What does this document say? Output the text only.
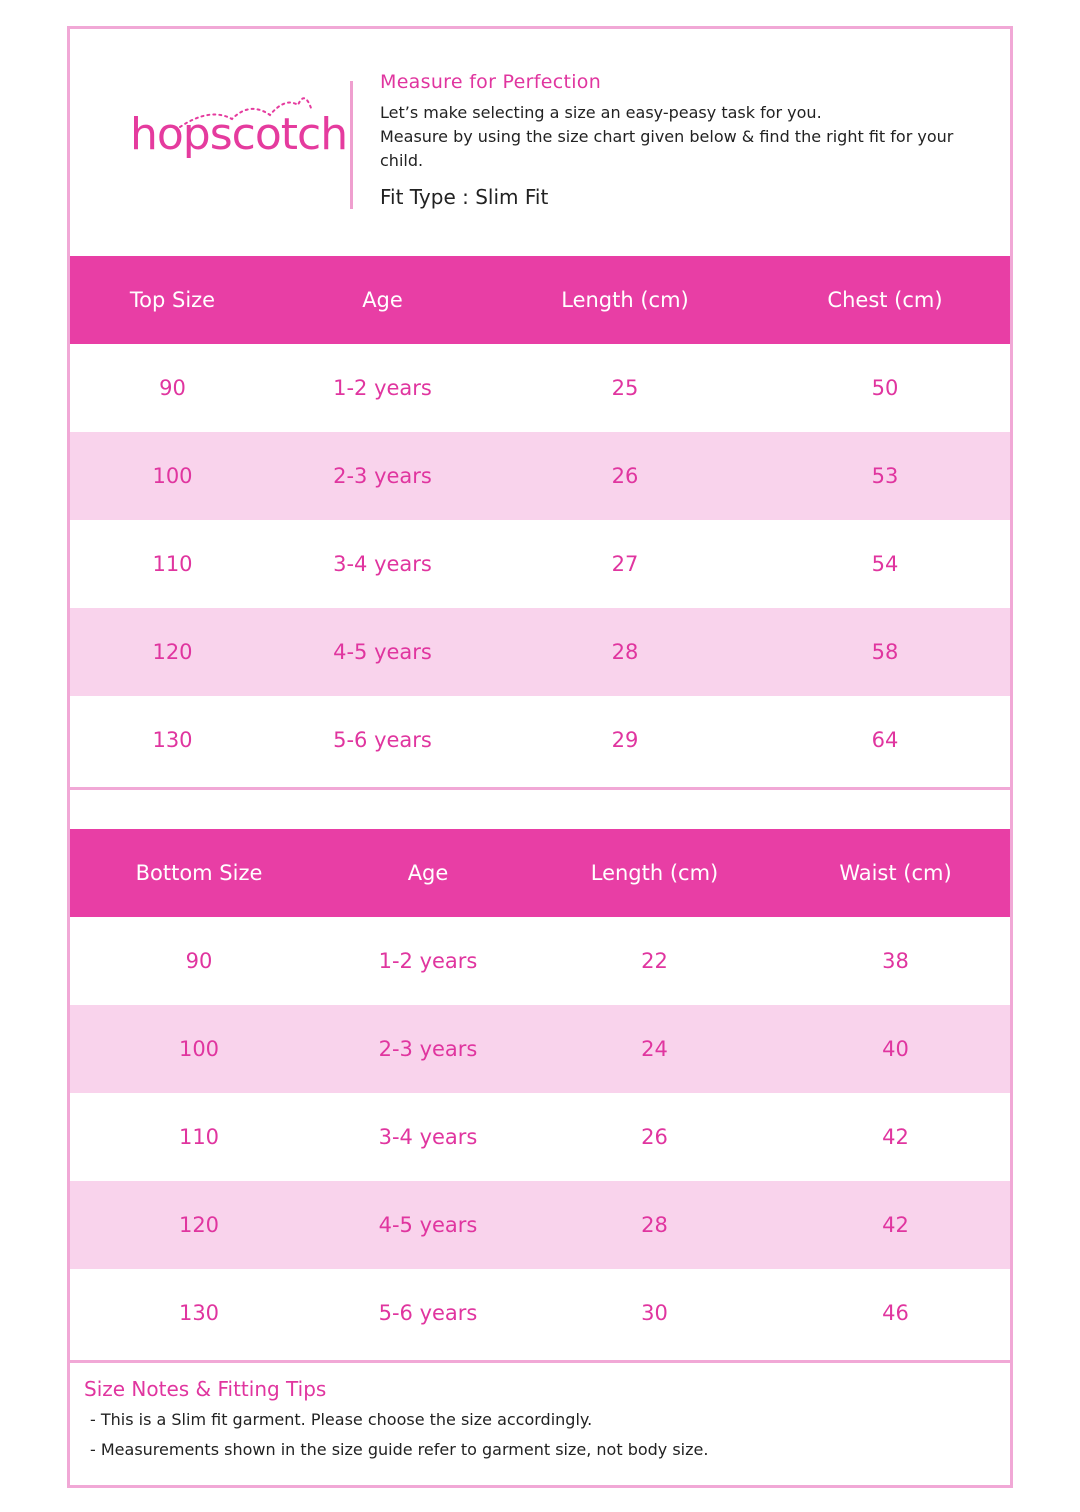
hopscotch

Measure for Perfection

Let’s make selecting a size an easy-peasy task for you.

Measure by using the size chart given below & find the right fit for your

child.

Fit Type : Slim Fit
Top Size	Age	Length (cm)	Chest (cm)
90	1-2 years	25	50
100	2-3 years	26	53
110	3-4 years	27	54
120	4-5 years	28	58
130	5-6 years	29	64
Bottom Size	Age	Length (cm)	Waist (cm)
90	1-2 years	22	38
100	2-3 years	24	40
110	3-4 years	26	42
120	4-5 years	28	42
130	5-6 years	30	46

Size Notes & Fitting Tips

- This is a Slim fit garment. Please choose the size accordingly.

- Measurements shown in the size guide refer to garment size, not body size.
